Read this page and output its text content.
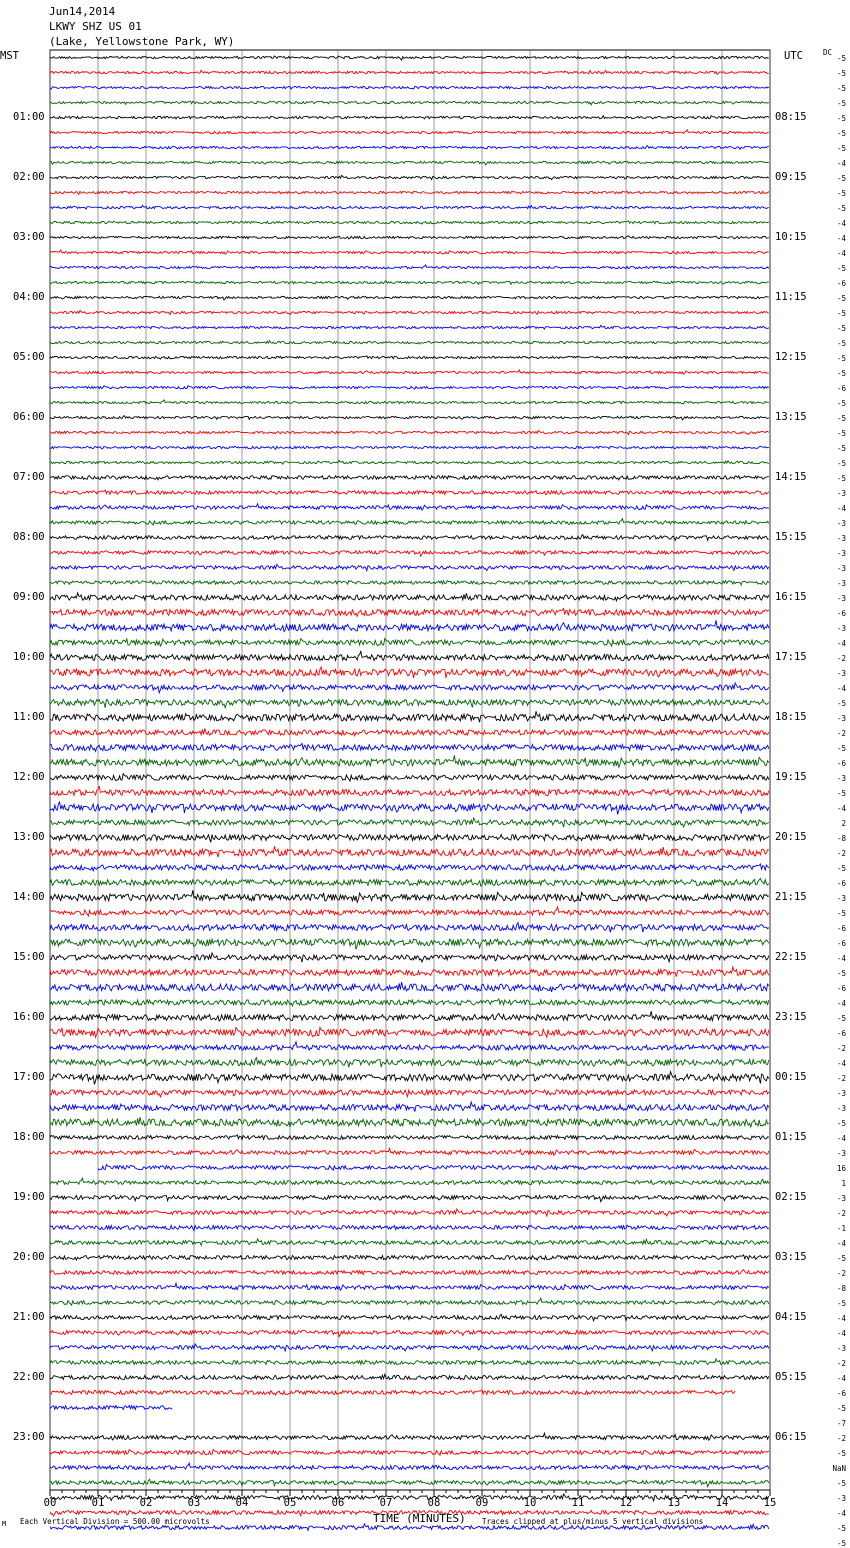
Jun14,2014
LKWY SHZ US 01
(Lake, Yellowstone Park, WY)
MST	UTC	DC
00	01	02	03	04	05	06	07	08	09	10	11	12	13	14	15
-5
-5
-5
-5
-5
-5
-5
-4
-5
-5
-5
-4
-4
-4
-5
-6
-5
-5
-5
-5
-5
-5
-6
-5
-5
-5
-5
-5
-5
-3
-4
-3
-3
-3
-3
-3
-3
-6
-3
-4
-2
-3
-4
-5
-3
-2
-5
-6
-3
-5
-4
2
-8
-2
-5
-6
-3
-5
-6
-6
-4
-5
-6
-4
-5
-6
-2
-4
-2
-3
-3
-5
-4
-3
16
1
-3
-2
-1
-4
-5
-2
-8
-5
-4
-4
-3
-2
-4
-6
-5
-7
-2
-5
NaN
-5
-3
-4
-5
-5
01:00	08:15
02:00	09:15
03:00	10:15
04:00	11:15
05:00	12:15
06:00	13:15
07:00	14:15
08:00	15:15
09:00	16:15
10:00	17:15
11:00	18:15
12:00	19:15
13:00	20:15
14:00	21:15
15:00	22:15
16:00	23:15
17:00	00:15
18:00	01:15
19:00	02:15
20:00	03:15
21:00	04:15
22:00	05:15
23:00	06:15
TIME (MINUTES)
Each Vertical Division = 500.00 microvolts	Traces clipped at plus/minus 5 vertical divisions
M
